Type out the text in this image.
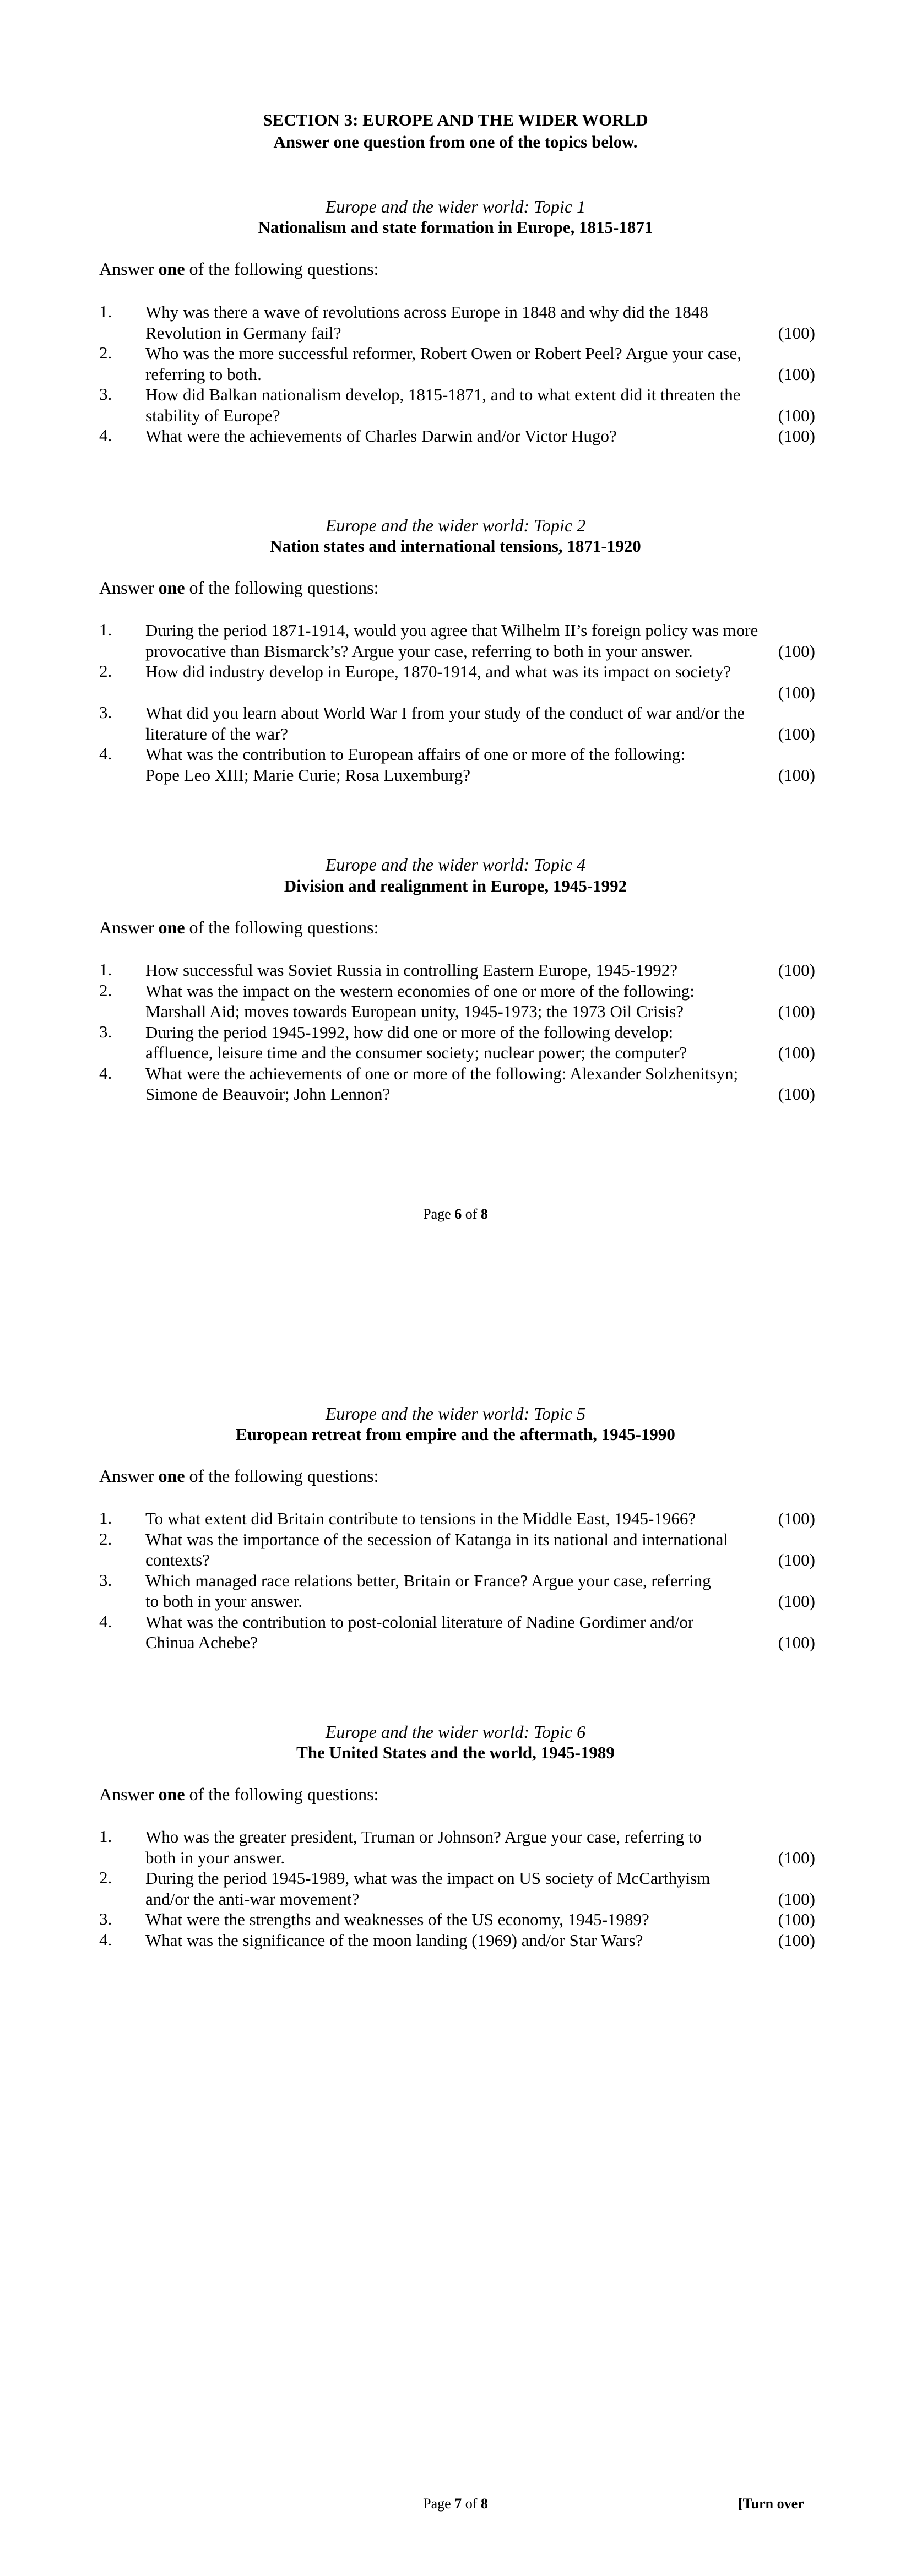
SECTION 3: EUROPE AND THE WIDER WORLD
Answer one question from one of the topics below.
Europe and the wider world: Topic 1
Nationalism and state formation in Europe, 1815-1871
Answer one of the following questions:
1.	Why was there a wave of revolutions across Europe in 1848 and why did the 1848
Revolution in Germany fail?	(100)
2.	Who was the more successful reformer, Robert Owen or Robert Peel? Argue your case,
referring to both.	(100)
3.	How did Balkan nationalism develop, 1815-1871, and to what extent did it threaten the
stability of Europe?	(100)
4.	What were the achievements of Charles Darwin and/or Victor Hugo?	(100)
Europe and the wider world: Topic 2
Nation states and international tensions, 1871-1920
Answer one of the following questions:
1.	During the period 1871-1914, would you agree that Wilhelm II’s foreign policy was more
provocative than Bismarck’s? Argue your case, referring to both in your answer.	(100)
2.	How did industry develop in Europe, 1870-1914, and what was its impact on society?
(100)
3.	What did you learn about World War I from your study of the conduct of war and/or the
literature of the war?	(100)
4.	What was the contribution to European affairs of one or more of the following:
Pope Leo XIII; Marie Curie; Rosa Luxemburg?	(100)
Europe and the wider world: Topic 4
Division and realignment in Europe, 1945-1992
Answer one of the following questions:
1.	How successful was Soviet Russia in controlling Eastern Europe, 1945-1992?	(100)
2.	What was the impact on the western economies of one or more of the following:
Marshall Aid; moves towards European unity, 1945-1973; the 1973 Oil Crisis?	(100)
3.	During the period 1945-1992, how did one or more of the following develop:
affluence, leisure time and the consumer society; nuclear power; the computer?	(100)
4.	What were the achievements of one or more of the following: Alexander Solzhenitsyn;
Simone de Beauvoir; John Lennon?	(100)
Page 6 of 8
Europe and the wider world: Topic 5
European retreat from empire and the aftermath, 1945-1990
Answer one of the following questions:
1.	To what extent did Britain contribute to tensions in the Middle East, 1945-1966?	(100)
2.	What was the importance of the secession of Katanga in its national and international
contexts?	(100)
3.	Which managed race relations better, Britain or France? Argue your case, referring
to both in your answer.	(100)
4.	What was the contribution to post-colonial literature of Nadine Gordimer and/or
Chinua Achebe?	(100)
Europe and the wider world: Topic 6
The United States and the world, 1945-1989
Answer one of the following questions:
1.	Who was the greater president, Truman or Johnson? Argue your case, referring to
both in your answer.	(100)
2.	During the period 1945-1989, what was the impact on US society of McCarthyism
and/or the anti-war movement?	(100)
3.	What were the strengths and weaknesses of the US economy, 1945-1989?	(100)
4.	What was the significance of the moon landing (1969) and/or Star Wars?	(100)
Page 7 of 8	[Turn over
